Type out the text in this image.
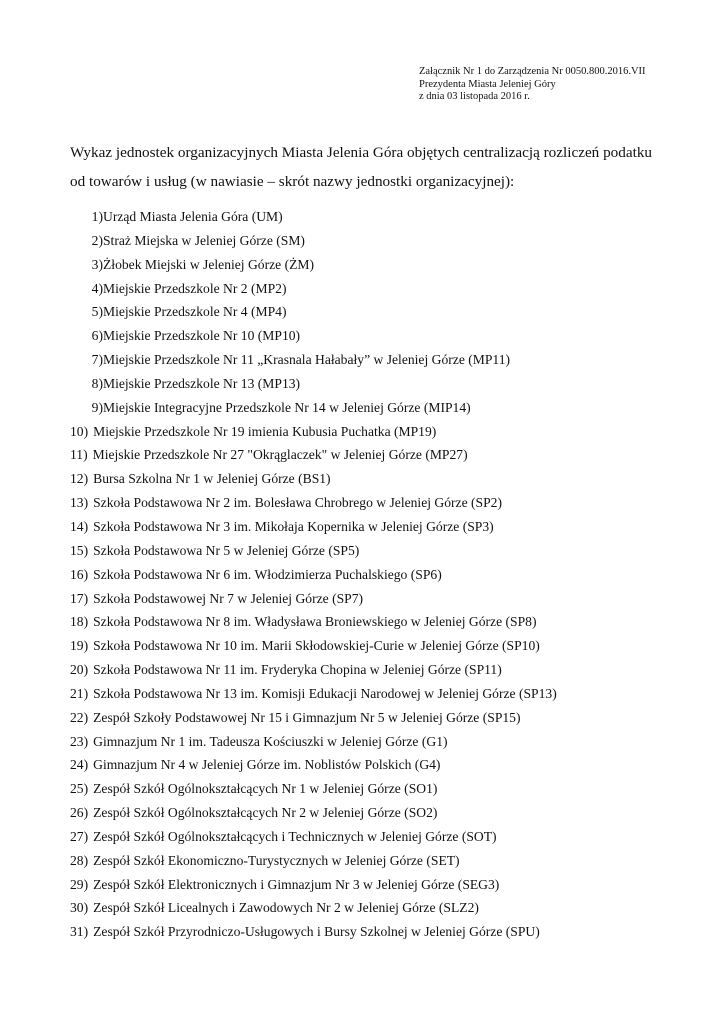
Załącznik Nr 1 do Zarządzenia Nr 0050.800.2016.VII
Prezydenta Miasta Jeleniej Góry
z dnia 03 listopada 2016 r.
Wykaz jednostek organizacyjnych Miasta Jelenia Góra objętych centralizacją rozliczeń podatku
od towarów i usług (w nawiasie – skrót nazwy jednostki organizacyjnej):
1) Urząd Miasta Jelenia Góra (UM)
2) Straż Miejska w Jeleniej Górze (SM)
3) Żłobek Miejski w Jeleniej Górze (ŻM)
4) Miejskie Przedszkole Nr 2 (MP2)
5) Miejskie Przedszkole Nr 4 (MP4)
6) Miejskie Przedszkole Nr 10 (MP10)
7) Miejskie Przedszkole Nr 11 „Krasnala Hałabały” w Jeleniej Górze (MP11)
8) Miejskie Przedszkole Nr 13 (MP13)
9) Miejskie Integracyjne Przedszkole Nr 14 w Jeleniej Górze (MIP14)
10) Miejskie Przedszkole Nr 19 imienia Kubusia Puchatka (MP19)
11) Miejskie Przedszkole Nr 27 "Okrąglaczek" w Jeleniej Górze (MP27)
12) Bursa Szkolna Nr 1 w Jeleniej Górze (BS1)
13) Szkoła Podstawowa Nr 2 im. Bolesława Chrobrego w Jeleniej Górze (SP2)
14) Szkoła Podstawowa Nr 3 im. Mikołaja Kopernika w Jeleniej Górze (SP3)
15) Szkoła Podstawowa Nr 5 w Jeleniej Górze (SP5)
16) Szkoła Podstawowa Nr 6 im. Włodzimierza Puchalskiego (SP6)
17) Szkoła Podstawowej Nr 7 w Jeleniej Górze (SP7)
18) Szkoła Podstawowa Nr 8 im. Władysława Broniewskiego w Jeleniej Górze (SP8)
19) Szkoła Podstawowa Nr 10 im. Marii Skłodowskiej-Curie w Jeleniej Górze (SP10)
20) Szkoła Podstawowa Nr 11 im. Fryderyka Chopina w Jeleniej Górze (SP11)
21) Szkoła Podstawowa Nr 13 im. Komisji Edukacji Narodowej w Jeleniej Górze (SP13)
22) Zespół Szkoły Podstawowej Nr 15 i Gimnazjum Nr 5 w Jeleniej Górze (SP15)
23) Gimnazjum Nr 1 im. Tadeusza Kościuszki w Jeleniej Górze (G1)
24) Gimnazjum Nr 4 w Jeleniej Górze im. Noblistów Polskich (G4)
25) Zespół Szkół Ogólnokształcących Nr 1 w Jeleniej Górze (SO1)
26) Zespół Szkół Ogólnokształcących Nr 2 w Jeleniej Górze (SO2)
27) Zespół Szkół Ogólnokształcących i Technicznych w Jeleniej Górze (SOT)
28) Zespół Szkół Ekonomiczno-Turystycznych w Jeleniej Górze (SET)
29) Zespół Szkół Elektronicznych i Gimnazjum Nr 3 w Jeleniej Górze (SEG3)
30) Zespół Szkół Licealnych i Zawodowych Nr 2 w Jeleniej Górze (SLZ2)
31) Zespół Szkół Przyrodniczo-Usługowych i Bursy Szkolnej w Jeleniej Górze (SPU)
